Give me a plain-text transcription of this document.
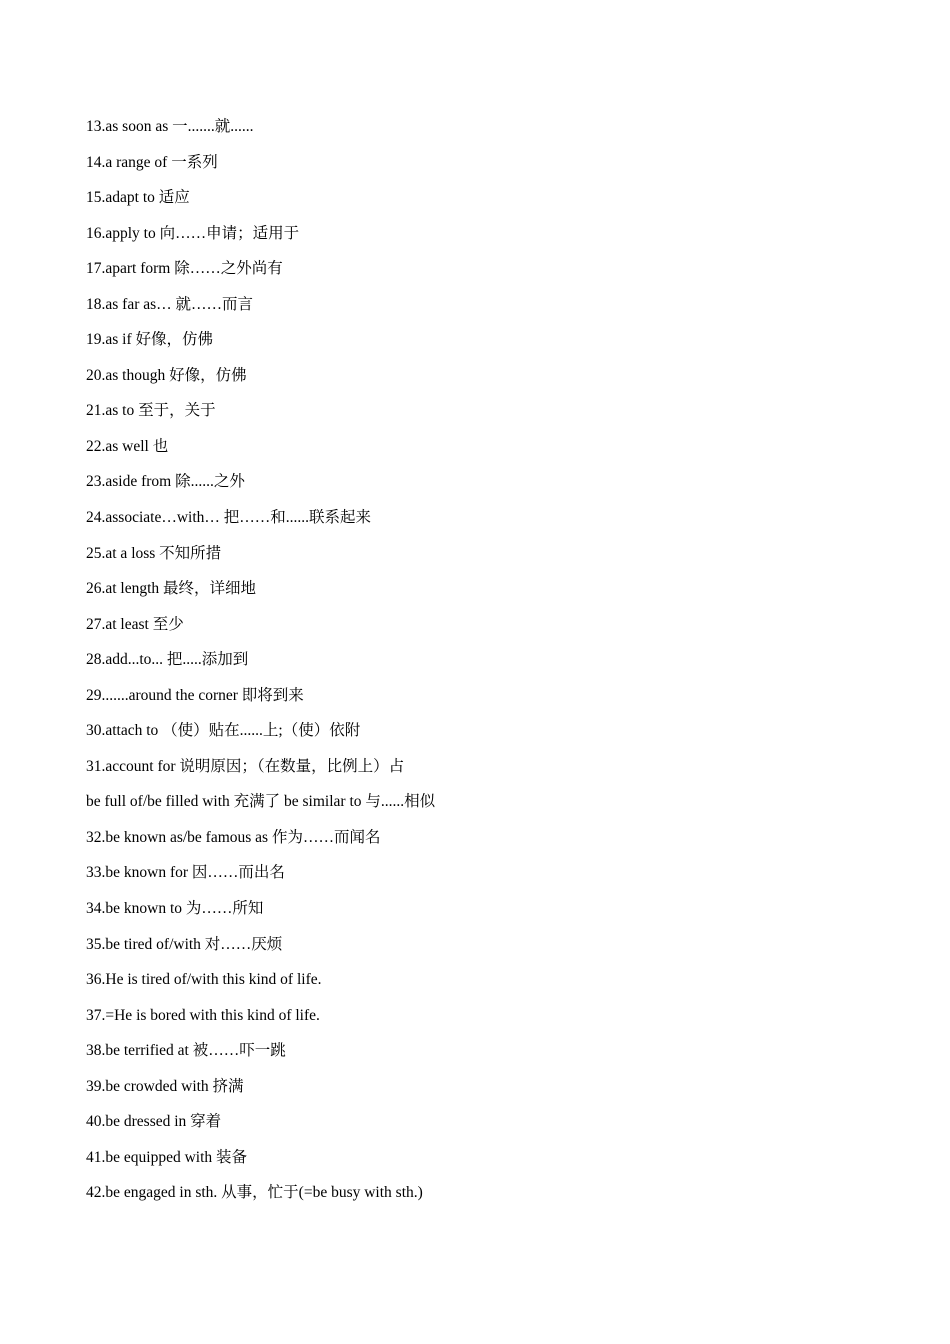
13.as soon as 一.......就......
14.a range of 一系列
15.adapt to 适应
16.apply to 向……申请；适用于
17.apart form 除……之外尚有
18.as far as… 就……而言
19.as if 好像，仿佛
20.as though 好像，仿佛
21.as to 至于，关于
22.as well 也
23.aside from 除......之外
24.associate…with… 把……和......联系起来
25.at a loss 不知所措
26.at length 最终，详细地
27.at least 至少
28.add...to... 把.....添加到
29.......around the corner 即将到来
30.attach to （使）贴在......上;（使）依附
31.account for 说明原因；（在数量，比例上）占
be full of/be filled with 充满了 be similar to 与......相似
32.be known as/be famous as 作为……而闻名
33.be known for 因……而出名
34.be known to 为……所知
35.be tired of/with 对……厌烦
36.He is tired of/with this kind of life.
37.=He is bored with this kind of life.
38.be terrified at 被……吓一跳
39.be crowded with 挤满
40.be dressed in 穿着
41.be equipped with 装备
42.be engaged in sth. 从事，忙于(=be busy with sth.)
